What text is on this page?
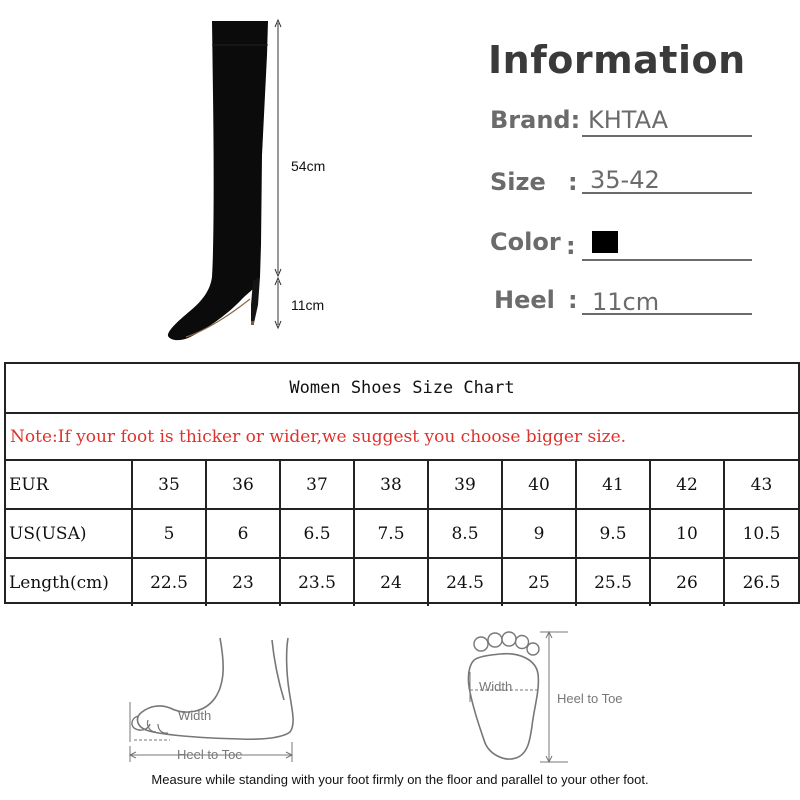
54cm
11cm
Information
Brand: KHTAA
Size : 35-42
Color :
Heel : 11cm
Women Shoes Size Chart
Note:If your foot is thicker or wider,we suggest you choose bigger size.
EUR	35	36	37	38	39	40	41	42	43
US(USA)	5	6	6.5	7.5	8.5	9	9.5	10	10.5
Length(cm)	22.5	23	23.5	24	24.5	25	25.5	26	26.5
Width
Heel to Toe
Width
Heel to Toe
Measure while standing with your foot firmly on the floor and parallel to your other foot.
